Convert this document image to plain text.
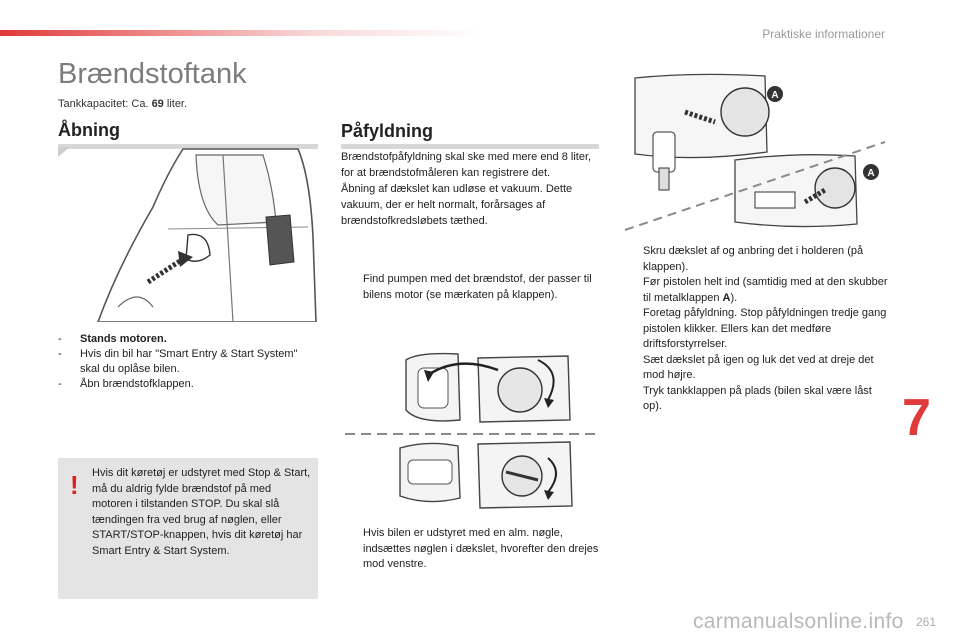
Praktiske informationer
Brændstoftank
Tankkapacitet: Ca. 69 liter.
Åbning
-	Stands motoren.
-	Hvis din bil har "Smart Entry & Start System" skal du oplåse bilen.
-	Åbn brændstofklappen.
!	Hvis dit køretøj er udstyret med Stop & Start, må du aldrig fylde brændstof på med motoren i tilstanden STOP. Du skal slå tændingen fra ved brug af nøglen, eller START/STOP-knappen, hvis dit køretøj har Smart Entry & Start System.
Påfyldning
Brændstofpåfyldning skal ske med mere end 8 liter, for at brændstofmåleren kan registrere det.
Åbning af dækslet kan udløse et vakuum. Dette vakuum, der er helt normalt, forårsages af brændstofkredsløbets tæthed.
Find pumpen med det brændstof, der passer til bilens motor (se mærkaten på klappen).
Hvis bilen er udstyret med en alm. nøgle, indsættes nøglen i dækslet, hvorefter den drejes mod venstre.
A
A
Skru dækslet af og anbring det i holderen (på klappen).
Før pistolen helt ind (samtidig med at den skubber til metalklappen A).
Foretag påfyldning. Stop påfyldningen tredje gang pistolen klikker. Ellers kan det medføre driftsforstyrrelser.
Sæt dækslet på igen og luk det ved at dreje det mod højre.
Tryk tankklappen på plads (bilen skal være låst op).	7
carmanualsonline.info 261
